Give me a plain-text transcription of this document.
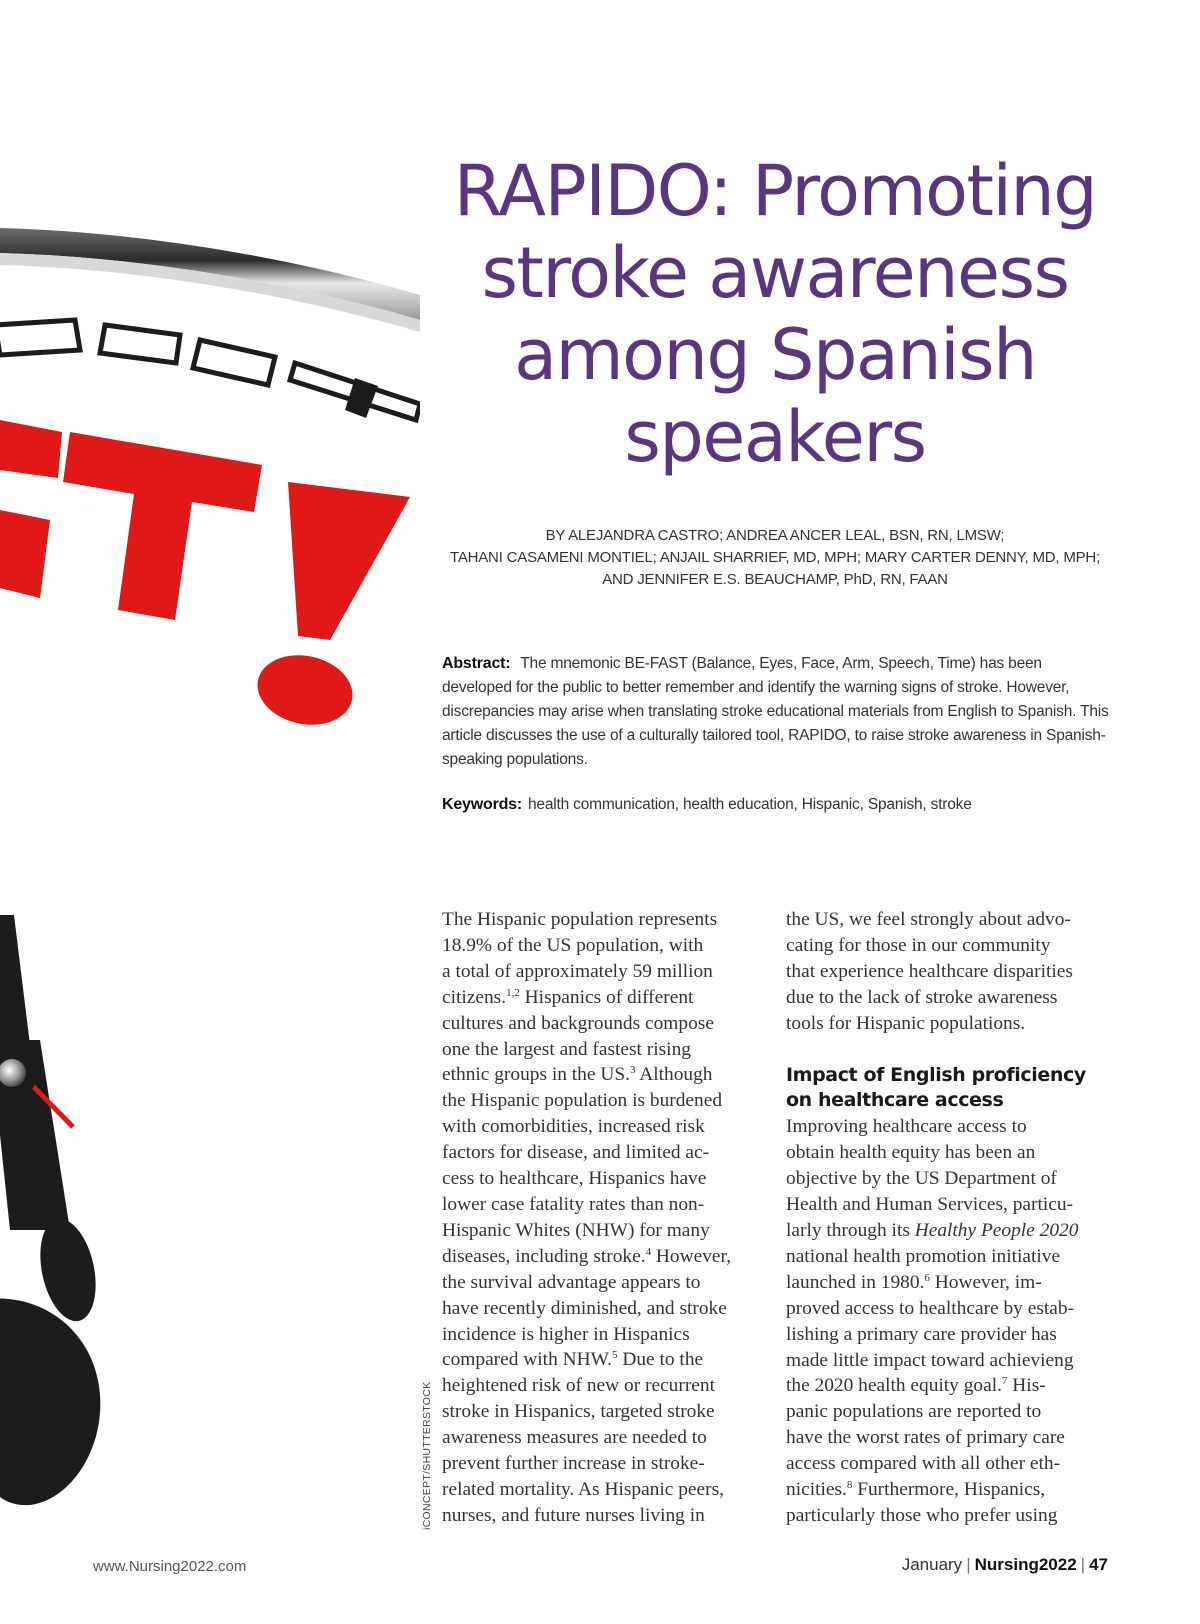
RAPIDO: Promoting stroke awareness among Spanish speakers
BY ALEJANDRA CASTRO; ANDREA ANCER LEAL, BSN, RN, LMSW;
TAHANI CASAMENI MONTIEL; ANJAIL SHARRIEF, MD, MPH; MARY CARTER DENNY, MD, MPH;
AND JENNIFER E.S. BEAUCHAMP, PhD, RN, FAAN

Abstract: The mnemonic BE-FAST (Balance, Eyes, Face, Arm, Speech, Time) has been developed for the public to better remember and identify the warning signs of stroke. However, discrepancies may arise when translating stroke educational materials from English to Spanish. This article discusses the use of a culturally tailored tool, RAPIDO, to raise stroke awareness in Spanish-speaking populations.

Keywords: health communication, health education, Hispanic, Spanish, stroke

The Hispanic population represents
18.9% of the US population, with
a total of approximately 59 million
citizens.$^{1,2}$ Hispanics of different
cultures and backgrounds compose
one the largest and fastest rising
ethnic groups in the US.$^3$ Although
the Hispanic population is burdened
with comorbidities, increased risk
factors for disease, and limited ac-
cess to healthcare, Hispanics have
lower case fatality rates than non-
Hispanic Whites (NHW) for many
diseases, including stroke.$^4$ However,
the survival advantage appears to
have recently diminished, and stroke
incidence is higher in Hispanics
compared with NHW.$^5$ Due to the
heightened risk of new or recurrent
stroke in Hispanics, targeted stroke
awareness measures are needed to
prevent further increase in stroke-
related mortality. As Hispanic peers,
nurses, and future nurses living in
the US, we feel strongly about advo-
cating for those in our community
that experience healthcare disparities
due to the lack of stroke awareness
tools for Hispanic populations.
Impact of English proficiency
on healthcare access
Improving healthcare access to
obtain health equity has been an
objective by the US Department of
Health and Human Services, particu-
larly through its Healthy People 2020
national health promotion initiative
launched in 1980.$^6$ However, im-
proved access to healthcare by estab-
lishing a primary care provider has
made little impact toward achievieng
the 2020 health equity goal.$^7$ His-
panic populations are reported to
have the worst rates of primary care
access compared with all other eth-
nicities.$^8$ Furthermore, Hispanics,
particularly those who prefer using
iCONCEPT/SHUTTERSTOCK
www.Nursing2022.com	January | Nursing2022 | 47
